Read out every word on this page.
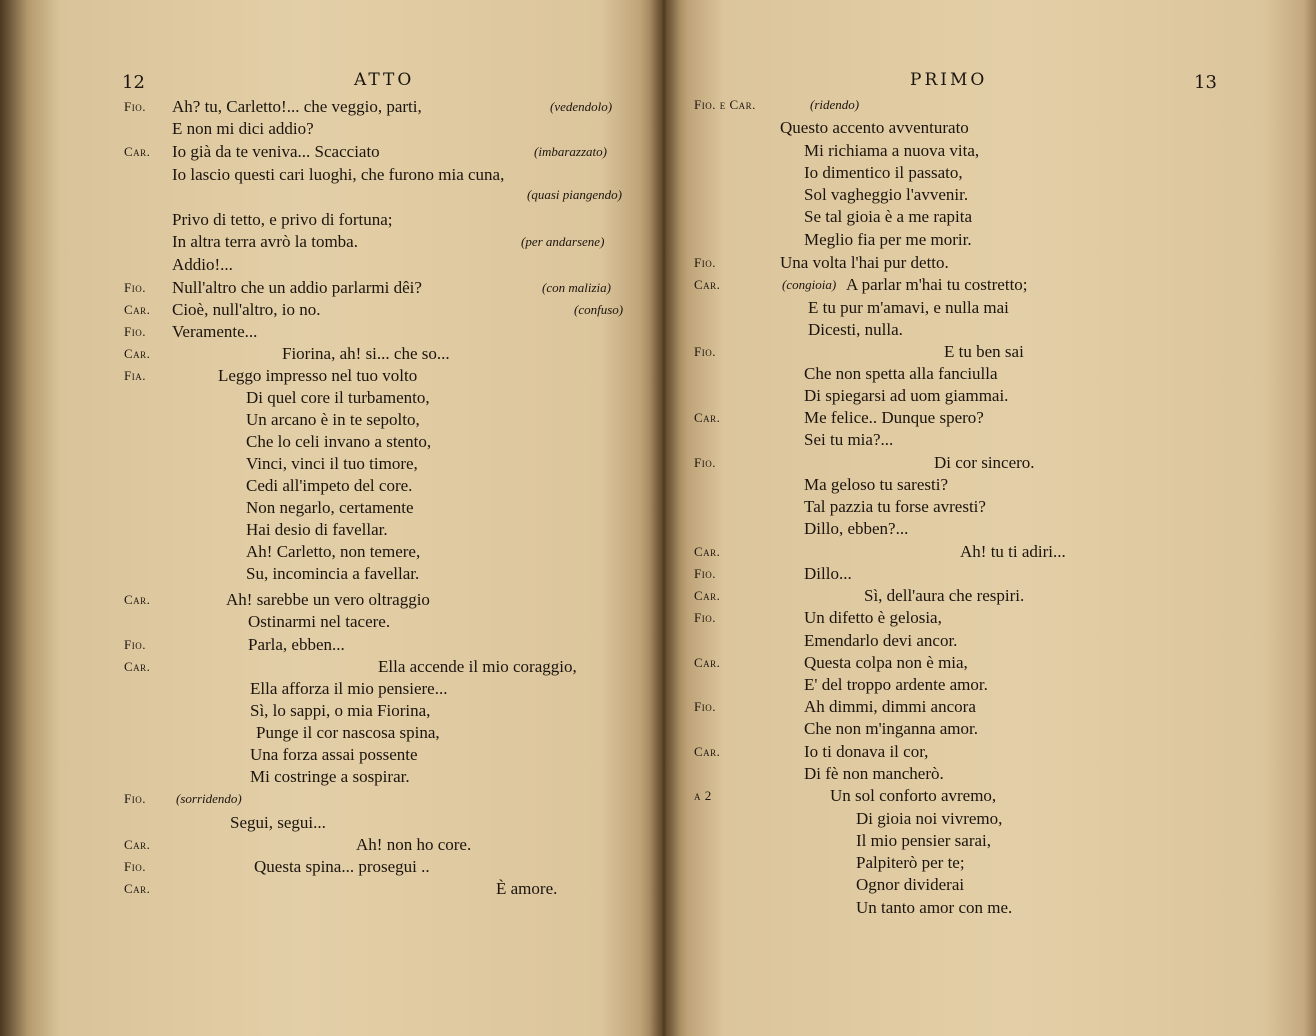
12	ATTO
Fio. Ah? tu, Carletto!... che veggio, parti,	(vedendolo)
E non mi dici addio?
Car. Io già da te veniva... Scacciato	(imbarazzato)
Io lascio questi cari luoghi, che furono mia cuna,
(quasi piangendo)
Privo di tetto, e privo di fortuna;
In altra terra avrò la tomba.	(per andarsene)
Addio!...
Fio. Null'altro che un addio parlarmi dêi?	(con malizia)
Car. Cioè, null'altro, io no.	(confuso)
Fio. Veramente...
Car.	Fiorina, ah! si... che so...
Fia.	Leggo impresso nel tuo volto
Di quel core il turbamento,
Un arcano è in te sepolto,
Che lo celi invano a stento,
Vinci, vinci il tuo timore,
Cedi all'impeto del core.
Non negarlo, certamente
Hai desio di favellar.
Ah! Carletto, non temere,
Su, incomincia a favellar.
Car.	Ah! sarebbe un vero oltraggio
Ostinarmi nel tacere.
Fio.	Parla, ebben...
Car.	Ella accende il mio coraggio,
Ella afforza il mio pensiere...
Sì, lo sappi, o mia Fiorina,
Punge il cor nascosa spina,
Una forza assai possente
Mi costringe a sospirar.
Fio. (sorridendo)
Segui, segui...
Car.	Ah! non ho core.
Fio.	Questa spina... prosegui ..
Car.	È amore.
PRIMO	13
Fio. e Car.	(ridendo)
Questo accento avventurato
Mi richiama a nuova vita,
Io dimentico il passato,
Sol vagheggio l'avvenir.
Se tal gioia è a me rapita
Meglio fia per me morir.
Fio.	Una volta l'hai pur detto.
Car.	A parlar m'hai tu costretto;
(congioia)
E tu pur m'amavi, e nulla mai
Dicesti, nulla.
Fio.	E tu ben sai
Che non spetta alla fanciulla
Di spiegarsi ad uom giammai.
Car.	Me felice.. Dunque spero?
Sei tu mia?...
Fio.	Di cor sincero.
Ma geloso tu saresti?
Tal pazzia tu forse avresti?
Dillo, ebben?...
Car.	Ah! tu ti adiri...
Fio.	Dillo...
Car.	Sì, dell'aura che respiri.
Fio.	Un difetto è gelosia,
Emendarlo devi ancor.
Car.	Questa colpa non è mia,
E' del troppo ardente amor.
Fio.	Ah dimmi, dimmi ancora
Che non m'inganna amor.
Car.	Io ti donava il cor,
Di fè non mancherò.
a 2	Un sol conforto avremo,
Di gioia noi vivremo,
Il mio pensier sarai,
Palpiterò per te;
Ognor dividerai
Un tanto amor con me.
